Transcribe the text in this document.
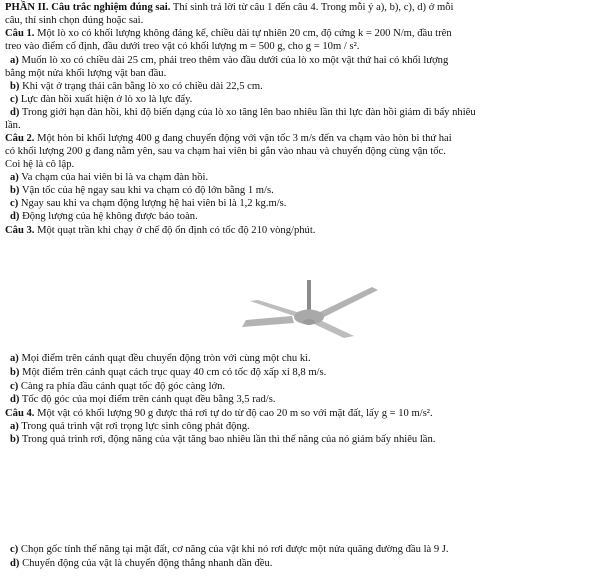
PHẦN II. Câu trắc nghiệm đúng sai. Thí sinh trả lời từ câu 1 đến câu 4. Trong mỗi ý a), b), c), d) ở mỗi
câu, thí sinh chọn đúng hoặc sai.
Câu 1. Một lò xo có khối lượng không đáng kể, chiều dài tự nhiên 20 cm, độ cứng k = 200 N/m, đầu trên
treo vào điểm cố định, đầu dưới treo vật có khối lượng m = 500 g, cho g = 10m / s².
a) Muốn lò xo có chiều dài 25 cm, phải treo thêm vào đầu dưới của lò xo một vật thứ hai có khối lượng
bằng một nửa khối lượng vật ban đầu.
b) Khi vật ở trạng thái cân bằng lò xo có chiều dài 22,5 cm.
c) Lực đàn hồi xuất hiện ở lò xo là lực đẩy.
d) Trong giới hạn đàn hồi, khi độ biến dạng của lò xo tăng lên bao nhiêu lần thì lực đàn hồi giảm đi bấy nhiêu
lần.
Câu 2. Một hòn bi khối lượng 400 g đang chuyển động với vận tốc 3 m/s đến va chạm vào hòn bi thứ hai
có khối lượng 200 g đang nằm yên, sau va chạm hai viên bi gắn vào nhau và chuyển động cùng vận tốc.
Coi hệ là cô lập.
a) Va chạm của hai viên bi là va chạm đàn hồi.
b) Vận tốc của hệ ngay sau khi va chạm có độ lớn bằng 1 m/s.
c) Ngay sau khi va chạm động lượng hệ hai viên bi là 1,2 kg.m/s.
d) Động lượng của hệ không được bảo toàn.
Câu 3. Một quạt trần khi chạy ở chế độ ổn định có tốc độ 210 vòng/phút.
a) Mọi điểm trên cánh quạt đều chuyển động tròn với cùng một chu kì.
b) Một điểm trên cánh quạt cách trục quay 40 cm có tốc độ xấp xỉ 8,8 m/s.
c) Càng ra phía đầu cánh quạt tốc độ góc càng lớn.
d) Tốc độ góc của mọi điểm trên cánh quạt đều bằng 3,5 rad/s.
Câu 4. Một vật có khối lượng 90 g được thả rơi tự do từ độ cao 20 m so với mặt đất, lấy g = 10 m/s².
a) Trong quá trình vật rơi trọng lực sinh công phát động.
b) Trong quá trình rơi, động năng của vật tăng bao nhiêu lần thì thế năng của nó giảm bấy nhiêu lần.
c) Chọn gốc tính thế năng tại mặt đất, cơ năng của vật khi nó rơi được một nửa quãng đường đầu là 9 J.
d) Chuyển động của vật là chuyển động thẳng nhanh dần đều.
